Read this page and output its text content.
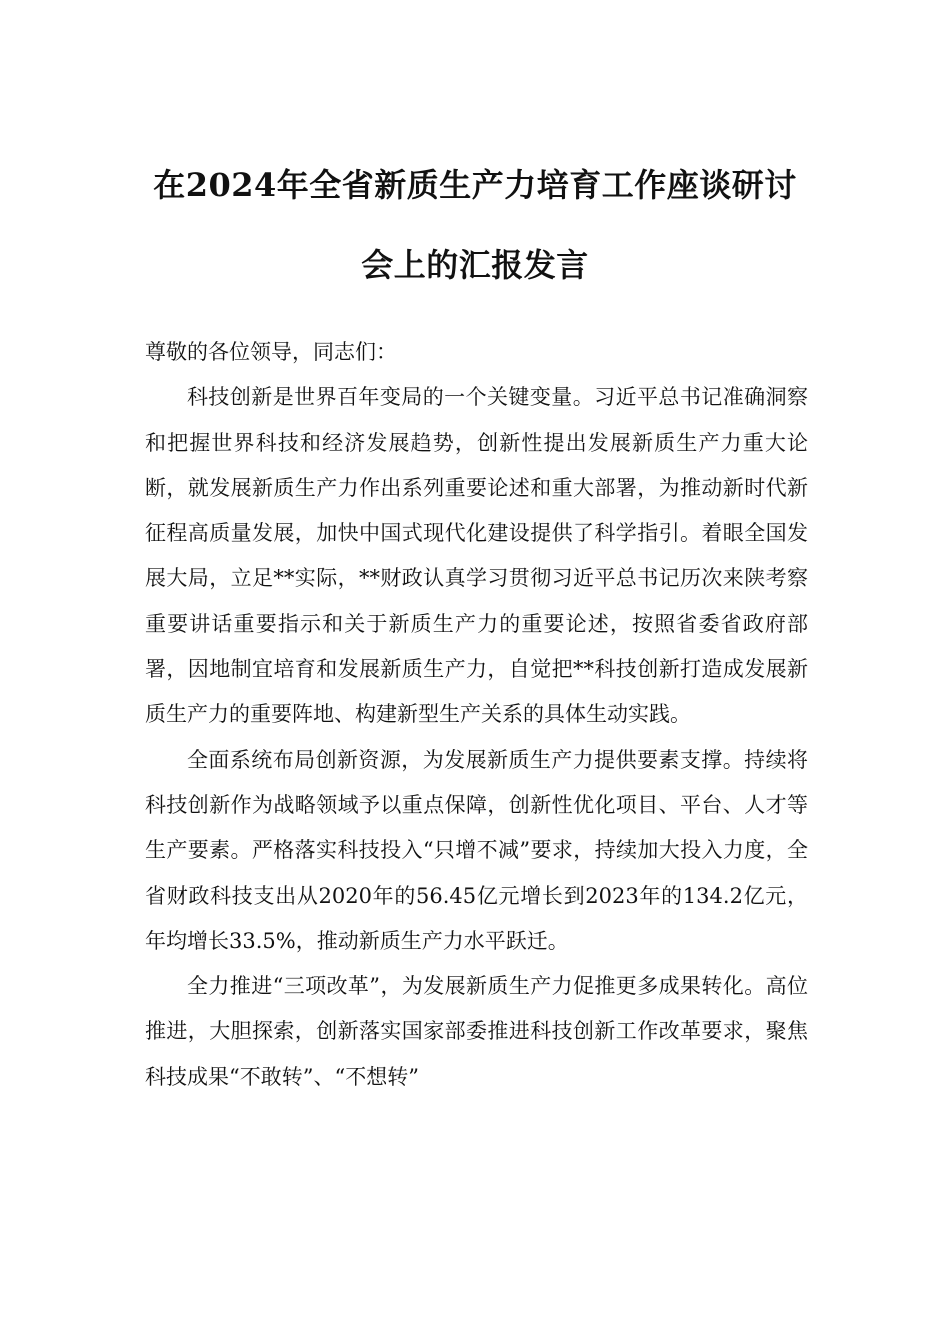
在2024年全省新质生产力培育工作座谈研讨会上的汇报发言

尊敬的各位领导，同志们：

科技创新是世界百年变局的一个关键变量。习近平总书记准确洞察和把握世界科技和经济发展趋势，创新性提出发展新质生产力重大论断，就发展新质生产力作出系列重要论述和重大部署，为推动新时代新征程高质量发展，加快中国式现代化建设提供了科学指引。着眼全国发展大局，立足**实际，**财政认真学习贯彻习近平总书记历次来陕考察重要讲话重要指示和关于新质生产力的重要论述，按照省委省政府部署，因地制宜培育和发展新质生产力，自觉把**科技创新打造成发展新质生产力的重要阵地、构建新型生产关系的具体生动实践。

全面系统布局创新资源，为发展新质生产力提供要素支撑。持续将科技创新作为战略领域予以重点保障，创新性优化项目、平台、人才等生产要素。严格落实科技投入“只增不减”要求，持续加大投入力度，全省财政科技支出从2020年的56.45亿元增长到2023年的134.2亿元，年均增长33.5%，推动新质生产力水平跃迁。

全力推进“三项改革”，为发展新质生产力促推更多成果转化。高位推进，大胆探索，创新落实国家部委推进科技创新工作改革要求，聚焦科技成果“不敢转”、“不想转”
